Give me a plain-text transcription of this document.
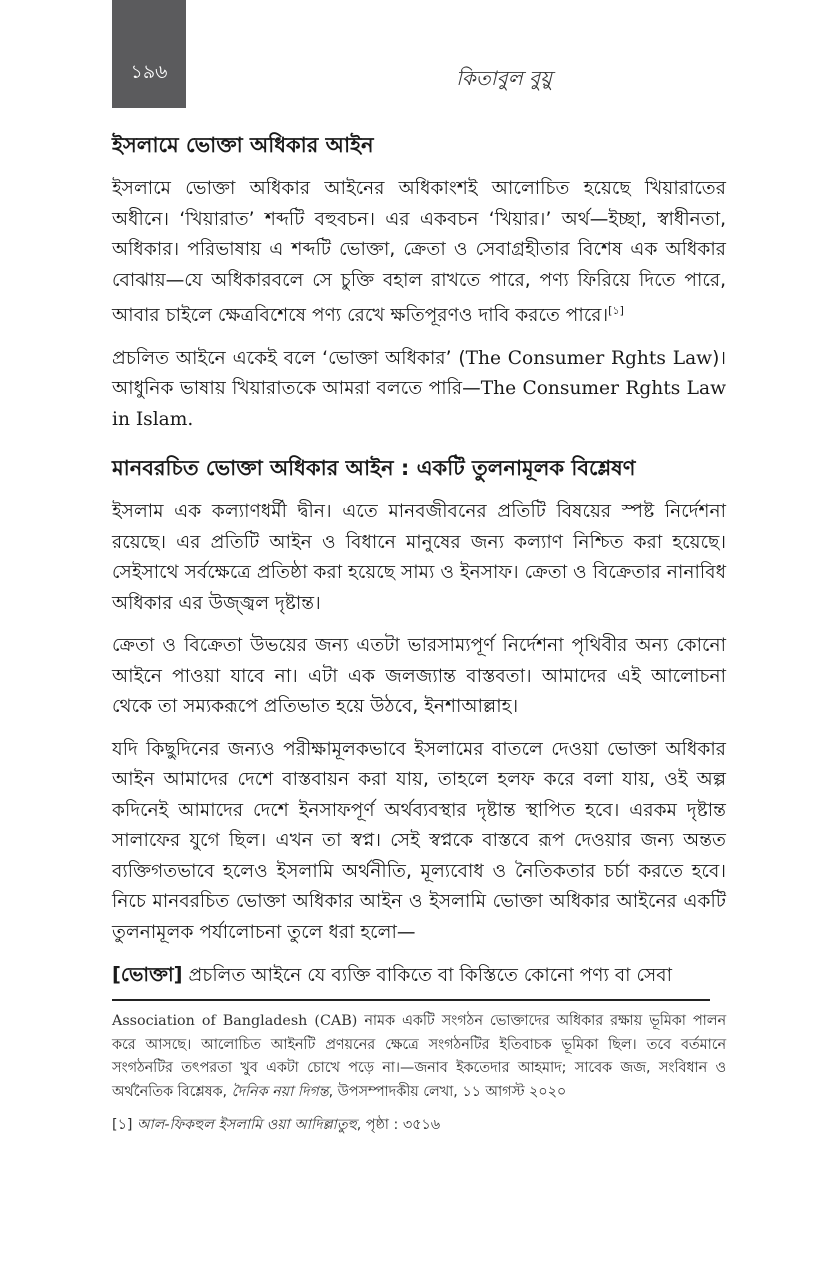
১৯৬	কিতাবুল বুয়ু
ইসলামে ভোক্তা অধিকার আইন

ইসলামে ভোক্তা অধিকার আইনের অধিকাংশই আলোচিত হয়েছে খিয়ারাতের অধীনে। ‘খিয়ারাত’ শব্দটি বহুবচন। এর একবচন ‘খিয়ার।’ অর্থ—ইচ্ছা, স্বাধীনতা, অধিকার। পরিভাষায় এ শব্দটি ভোক্তা, ক্রেতা ও সেবাগ্রহীতার বিশেষ এক অধিকার বোঝায়—যে অধিকারবলে সে চুক্তি বহাল রাখতে পারে, পণ্য ফিরিয়ে দিতে পারে, আবার চাইলে ক্ষেত্রবিশেষে পণ্য রেখে ক্ষতিপূরণও দাবি করতে পারে।[১]

প্রচলিত আইনে একেই বলে ‘ভোক্তা অধিকার’ (The Consumer Rghts Law)। আধুনিক ভাষায় খিয়ারাতকে আমরা বলতে পারি—The Consumer Rghts Law in Islam.

মানবরচিত ভোক্তা অধিকার আইন : একটি তুলনামূলক বিশ্লেষণ

ইসলাম এক কল্যাণধর্মী দ্বীন। এতে মানবজীবনের প্রতিটি বিষয়ের স্পষ্ট নির্দেশনা রয়েছে। এর প্রতিটি আইন ও বিধানে মানুষের জন্য কল্যাণ নিশ্চিত করা হয়েছে। সেইসাথে সর্বক্ষেত্রে প্রতিষ্ঠা করা হয়েছে সাম্য ও ইনসাফ। ক্রেতা ও বিক্রেতার নানাবিধ অধিকার এর উজ্জ্বল দৃষ্টান্ত।

ক্রেতা ও বিক্রেতা উভয়ের জন্য এতটা ভারসাম্যপূর্ণ নির্দেশনা পৃথিবীর অন্য কোনো আইনে পাওয়া যাবে না। এটা এক জলজ্যান্ত বাস্তবতা। আমাদের এই আলোচনা থেকে তা সম্যকরূপে প্রতিভাত হয়ে উঠবে, ইনশাআল্লাহ।

যদি কিছুদিনের জন্যও পরীক্ষামূলকভাবে ইসলামের বাতলে দেওয়া ভোক্তা অধিকার আইন আমাদের দেশে বাস্তবায়ন করা যায়, তাহলে হলফ করে বলা যায়, ওই অল্প কদিনেই আমাদের দেশে ইনসাফপূর্ণ অর্থব্যবস্থার দৃষ্টান্ত স্থাপিত হবে। এরকম দৃষ্টান্ত সালাফের যুগে ছিল। এখন তা স্বপ্ন। সেই স্বপ্নকে বাস্তবে রূপ দেওয়ার জন্য অন্তত ব্যক্তিগতভাবে হলেও ইসলামি অর্থনীতি, মূল্যবোধ ও নৈতিকতার চর্চা করতে হবে। নিচে মানবরচিত ভোক্তা অধিকার আইন ও ইসলামি ভোক্তা অধিকার আইনের একটি তুলনামূলক পর্যালোচনা তুলে ধরা হলো—

[ভোক্তা] প্রচলিত আইনে যে ব্যক্তি বাকিতে বা কিস্তিতে কোনো পণ্য বা সেবা

Association of Bangladesh (CAB) নামক একটি সংগঠন ভোক্তাদের অধিকার রক্ষায় ভূমিকা পালন করে আসছে। আলোচিত আইনটি প্রণয়নের ক্ষেত্রে সংগঠনটির ইতিবাচক ভূমিকা ছিল। তবে বর্তমানে সংগঠনটির তৎপরতা খুব একটা চোখে পড়ে না।—জনাব ইকতেদার আহমাদ; সাবেক জজ, সংবিধান ও অর্থনৈতিক বিশ্লেষক, দৈনিক নয়া দিগন্ত, উপসম্পাদকীয় লেখা, ১১ আগস্ট ২০২০

[১] আল-ফিকহুল ইসলামি ওয়া আদিল্লাতুহু, পৃষ্ঠা : ৩৫১৬
